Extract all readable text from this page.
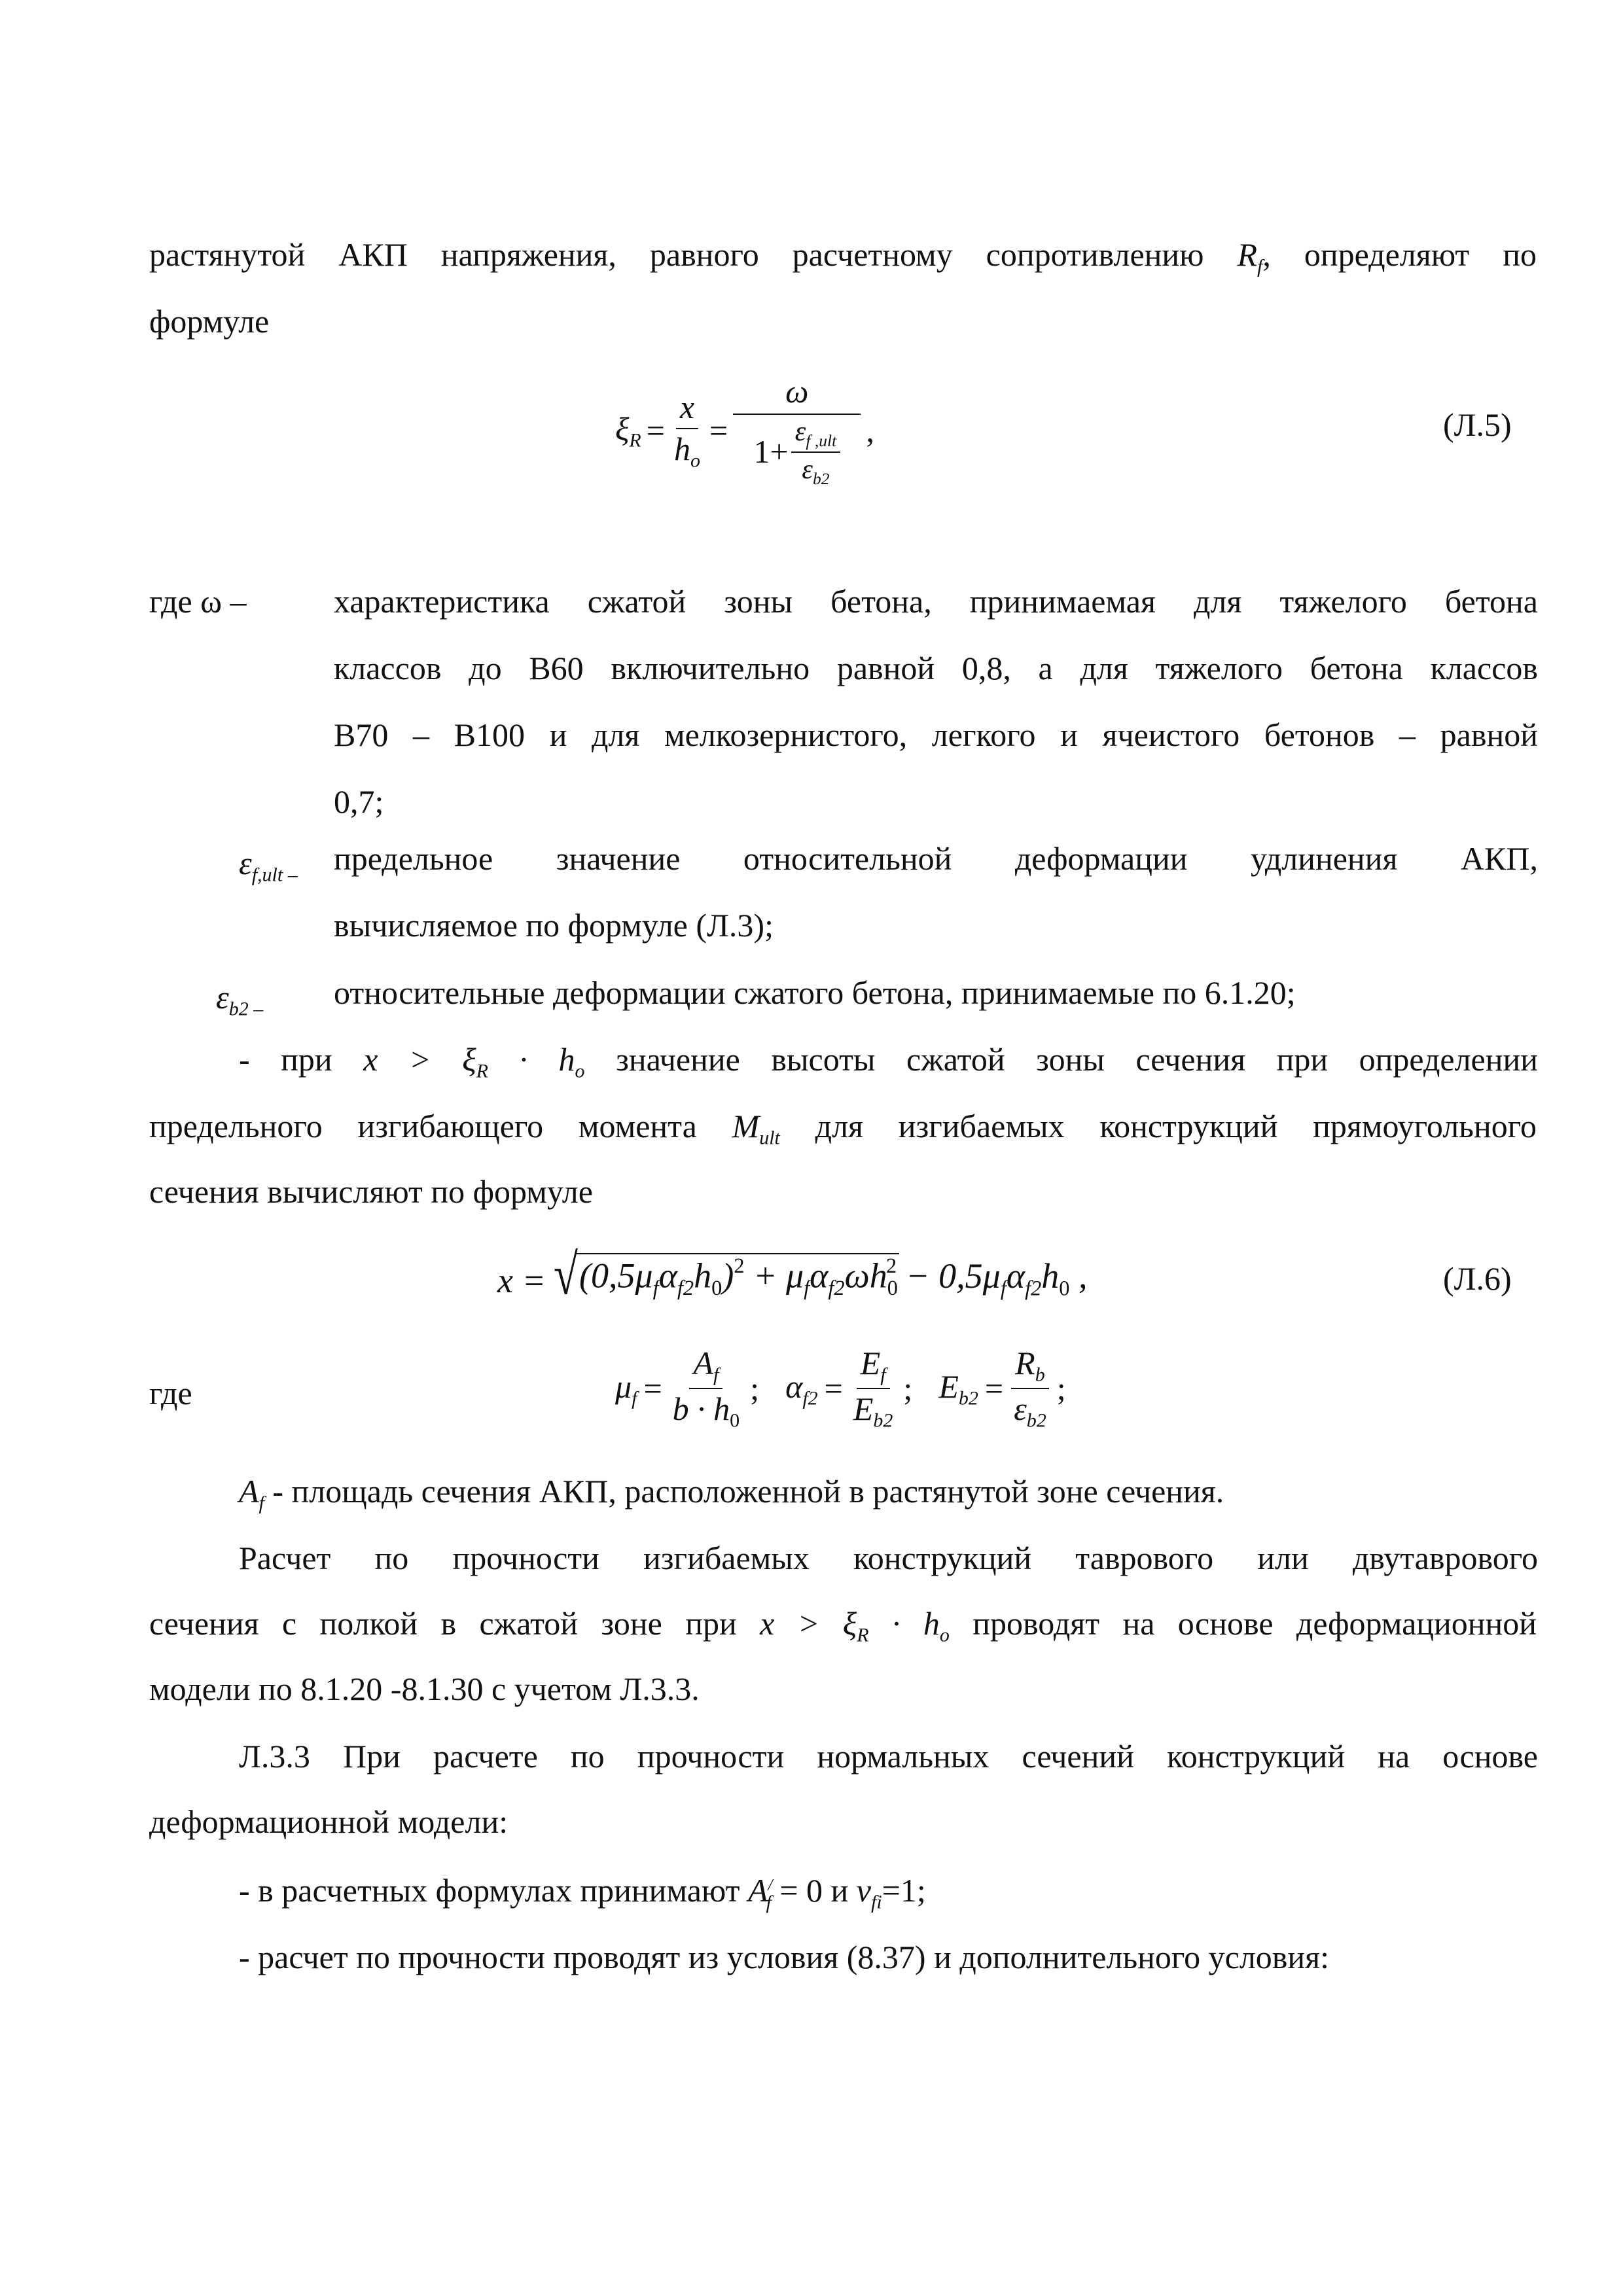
растянутой АКП напряжения, равного расчетному сопротивлению $R_f$, определяют по
формуле
$\xi_R = \frac{x}{h_o} = \frac{\omega}{1+ \frac{\varepsilon_{f ,ult}}{\varepsilon_{b2}}}$ ,	(Л.5)
где ω –	характеристика сжатой зоны бетона, принимаемая для тяжелого бетона
классов до В60 включительно равной 0,8, а для тяжелого бетона классов
В70 – В100 и для мелкозернистого, легкого и ячеистого бетонов – равной
0,7;
$\varepsilon_{f,ult -}$ предельное значение относительной деформации удлинения АКП,
вычисляемое по формуле (Л.3);
$\varepsilon_{b2 -}$ относительные деформации сжатого бетона, принимаемые по 6.1.20;
- при $x > \xi_R \cdot h_o$ значение высоты сжатой зоны сечения при определении
предельного изгибающего момента $M_{ult}$ для изгибаемых конструкций прямоугольного
сечения вычисляют по формуле
x = √ $(0,5\mu_f\alpha_{f2}h_0)^2 + \mu_f\alpha_{f2}\omega h_0^2 - 0,5\mu_f\alpha_{f2}h_0$ ,	(Л.6)
где	$\mu_f = \frac{A_f}{b \cdot h_0}$ ; $\alpha_{f2} = \frac{E_f}{E_{b2}}$ ; $E_{b2} = \frac{R_b}{\varepsilon_{b2}}$ ;
$A_f$ - площадь сечения АКП, расположенной в растянутой зоне сечения.
Расчет по прочности изгибаемых конструкций таврового или двутаврового
сечения с полкой в сжатой зоне при $x > \xi_R \cdot h_o$ проводят на основе деформационной
модели по 8.1.20 -8.1.30 с учетом Л.3.3.
Л.3.3 При расчете по прочности нормальных сечений конструкций на основе
деформационной модели:
- в расчетных формулах принимают $A^/_f = 0$ и $\nu_{fi}=1$;
- расчет по прочности проводят из условия (8.37) и дополнительного условия:
